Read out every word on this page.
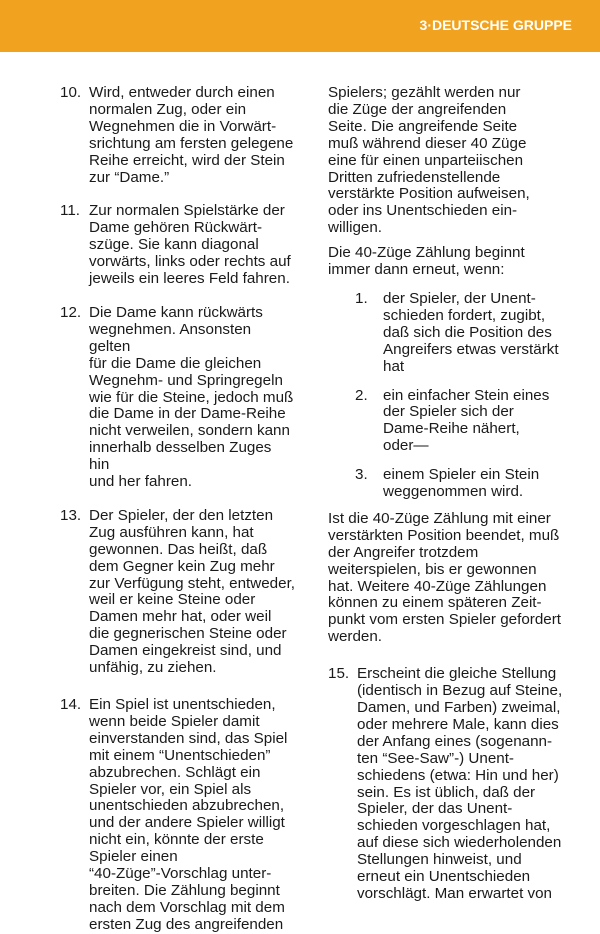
3·DEUTSCHE GRUPPE
10. Wird, entweder durch einen
normalen Zug, oder ein
Wegnehmen die in Vorwärt-
srichtung am fersten gelegene
Reihe erreicht, wird der Stein
zur “Dame.”
11. Zur normalen Spielstärke der
Dame gehören Rückwärt-
szüge. Sie kann diagonal
vorwärts, links oder rechts auf
jeweils ein leeres Feld fahren.
12. Die Dame kann rückwärts
wegnehmen. Ansonsten gelten
für die Dame die gleichen
Wegnehm- und Springregeln
wie für die Steine, jedoch muß
die Dame in der Dame-Reihe
nicht verweilen, sondern kann
innerhalb desselben Zuges hin
und her fahren.
13. Der Spieler, der den letzten
Zug ausführen kann, hat
gewonnen. Das heißt, daß
dem Gegner kein Zug mehr
zur Verfügung steht, entweder,
weil er keine Steine oder
Damen mehr hat, oder weil
die gegnerischen Steine oder
Damen eingekreist sind, und
unfähig, zu ziehen.
14. Ein Spiel ist unentschieden,
wenn beide Spieler damit
einverstanden sind, das Spiel
mit einem “Unentschieden”
abzubrechen. Schlägt ein
Spieler vor, ein Spiel als
unentschieden abzubrechen,
und der andere Spieler willigt
nicht ein, könnte der erste
Spieler einen
“40-Züge”-Vorschlag unter-
breiten. Die Zählung beginnt
nach dem Vorschlag mit dem
ersten Zug des angreifenden

Spielers; gezählt werden nur
die Züge der angreifenden
Seite. Die angreifende Seite
muß während dieser 40 Züge
eine für einen unparteiischen
Dritten zufriedenstellende
verstärkte Position aufweisen,
oder ins Unentschieden ein-
willigen.

Die 40-Züge Zählung beginnt
immer dann erneut, wenn:

1. der Spieler, der Unent-
schieden fordert, zugibt,
daß sich die Position des
Angreifers etwas verstärkt
hat
2. ein einfacher Stein eines
der Spieler sich der
Dame-Reihe nähert,
oder—
3. einem Spieler ein Stein
weggenommen wird.

Ist die 40-Züge Zählung mit einer
verstärkten Position beendet, muß
der Angreifer trotzdem
weiterspielen, bis er gewonnen
hat. Weitere 40-Züge Zählungen
können zu einem späteren Zeit-
punkt vom ersten Spieler gefordert
werden.

15. Erscheint die gleiche Stellung
(identisch in Bezug auf Steine,
Damen, und Farben) zweimal,
oder mehrere Male, kann dies
der Anfang eines (sogenann-
ten “See-Saw”-) Unent-
schiedens (etwa: Hin und her)
sein. Es ist üblich, daß der
Spieler, der das Unent-
schieden vorgeschlagen hat,
auf diese sich wiederholenden
Stellungen hinweist, und
erneut ein Unentschieden
vorschlägt. Man erwartet von
